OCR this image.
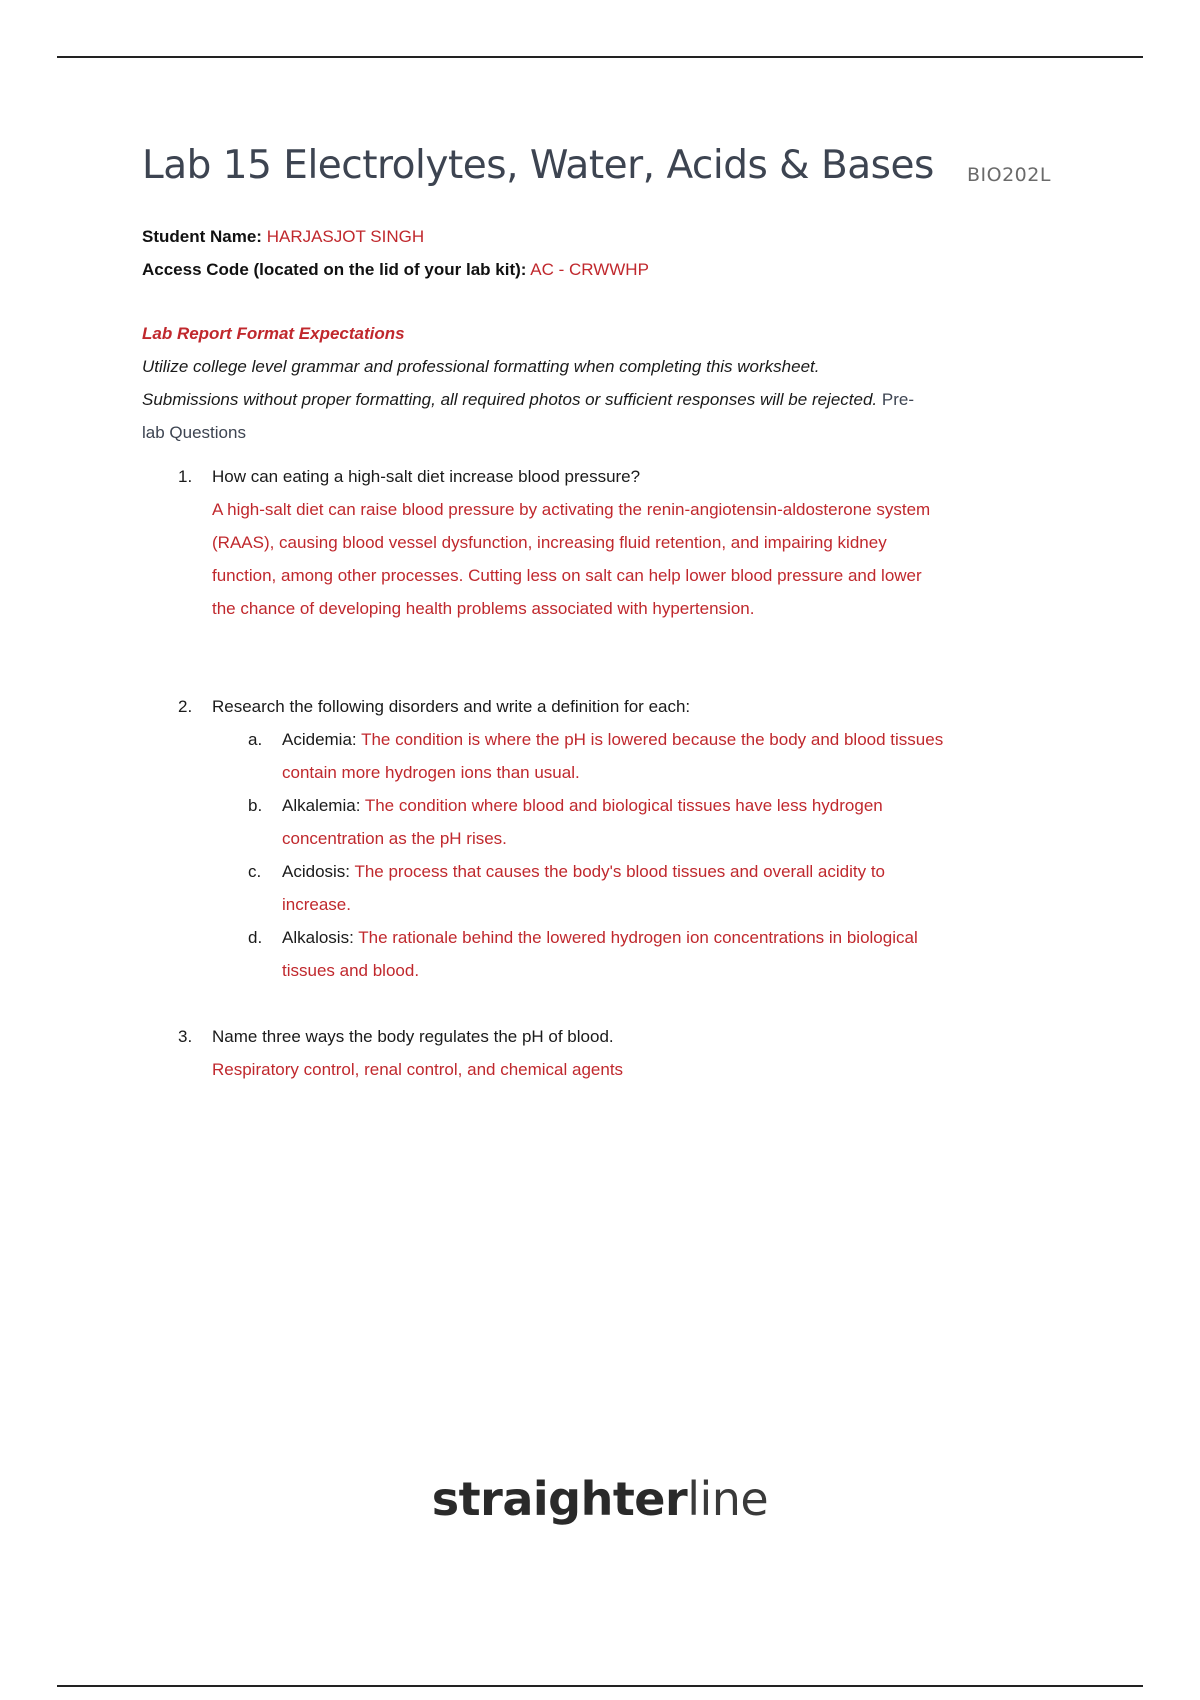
Lab 15 Electrolytes, Water, Acids & Bases BIO202L
Student Name: HARJASJOT SINGH
Access Code (located on the lid of your lab kit): AC - CRWWHP
Lab Report Format Expectations
Utilize college level grammar and professional formatting when completing this worksheet.
Submissions without proper formatting, all required photos or sufficient responses will be rejected. Pre-
lab Questions
1. How can eating a high-salt diet increase blood pressure?
A high-salt diet can raise blood pressure by activating the renin-angiotensin-aldosterone system
(RAAS), causing blood vessel dysfunction, increasing fluid retention, and impairing kidney
function, among other processes. Cutting less on salt can help lower blood pressure and lower
the chance of developing health problems associated with hypertension.
2. Research the following disorders and write a definition for each:
a. Acidemia: The condition is where the pH is lowered because the body and blood tissues
contain more hydrogen ions than usual.
b. Alkalemia: The condition where blood and biological tissues have less hydrogen
concentration as the pH rises.
c. Acidosis: The process that causes the body's blood tissues and overall acidity to
increase.
d. Alkalosis: The rationale behind the lowered hydrogen ion concentrations in biological
tissues and blood.
3. Name three ways the body regulates the pH of blood.
Respiratory control, renal control, and chemical agents
straighterline
